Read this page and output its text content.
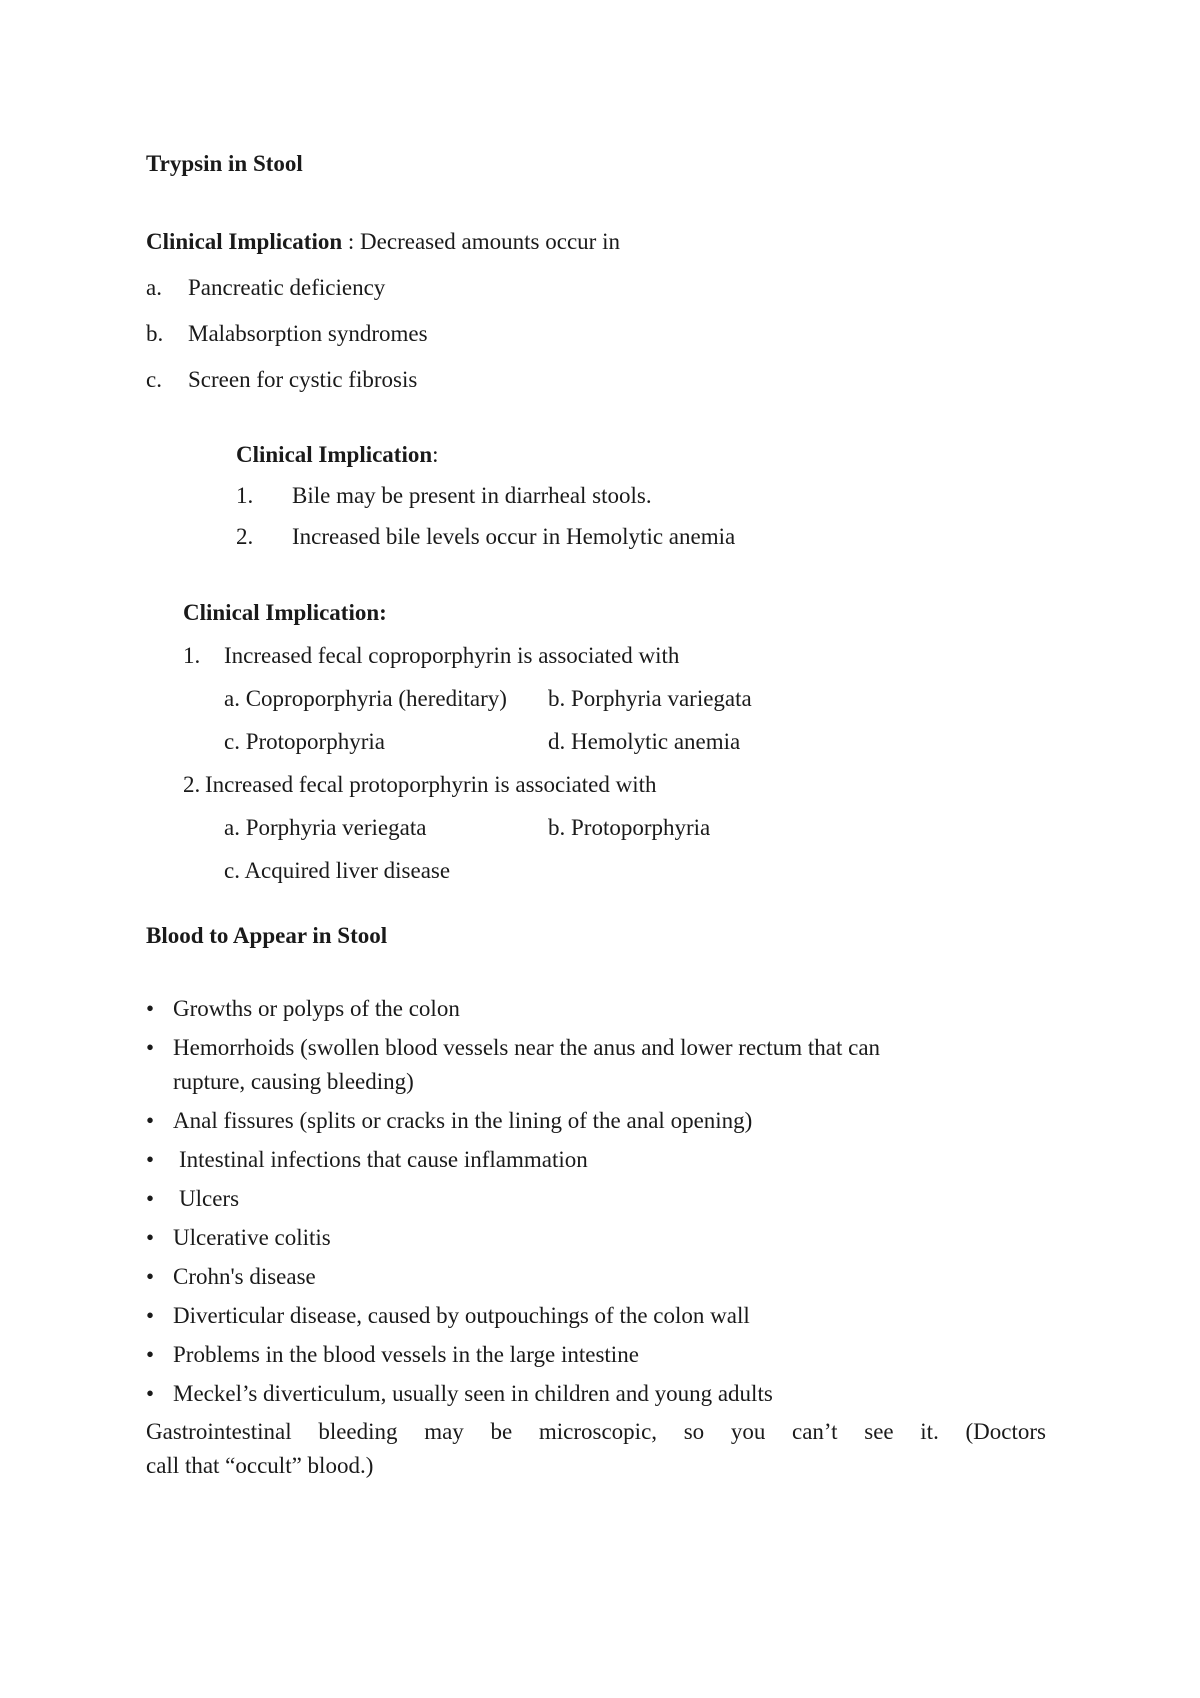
Trypsin in Stool
Clinical Implication : Decreased amounts occur in
a. Pancreatic deficiency
b. Malabsorption syndromes
c. Screen for cystic fibrosis
Clinical Implication:
1. Bile may be present in diarrheal stools.
2. Increased bile levels occur in Hemolytic anemia
Clinical Implication:
1. Increased fecal coproporphyrin is associated with
a. Coproporphyria (hereditary) b. Porphyria variegata
c. Protoporphyria	d. Hemolytic anemia
2. Increased fecal protoporphyrin is associated with
a. Porphyria veriegata	b. Protoporphyria
c. Acquired liver disease
Blood to Appear in Stool
• Growths or polyps of the colon
• Hemorrhoids (swollen blood vessels near the anus and lower rectum that can
rupture, causing bleeding)
• Anal fissures (splits or cracks in the lining of the anal opening)
• Intestinal infections that cause inflammation
• Ulcers
• Ulcerative colitis
• Crohn's disease
• Diverticular disease, caused by outpouchings of the colon wall
• Problems in the blood vessels in the large intestine
• Meckel’s diverticulum, usually seen in children and young adults
Gastrointestinal bleeding may be microscopic, so you can’t see it. (Doctors
call that “occult” blood.)
